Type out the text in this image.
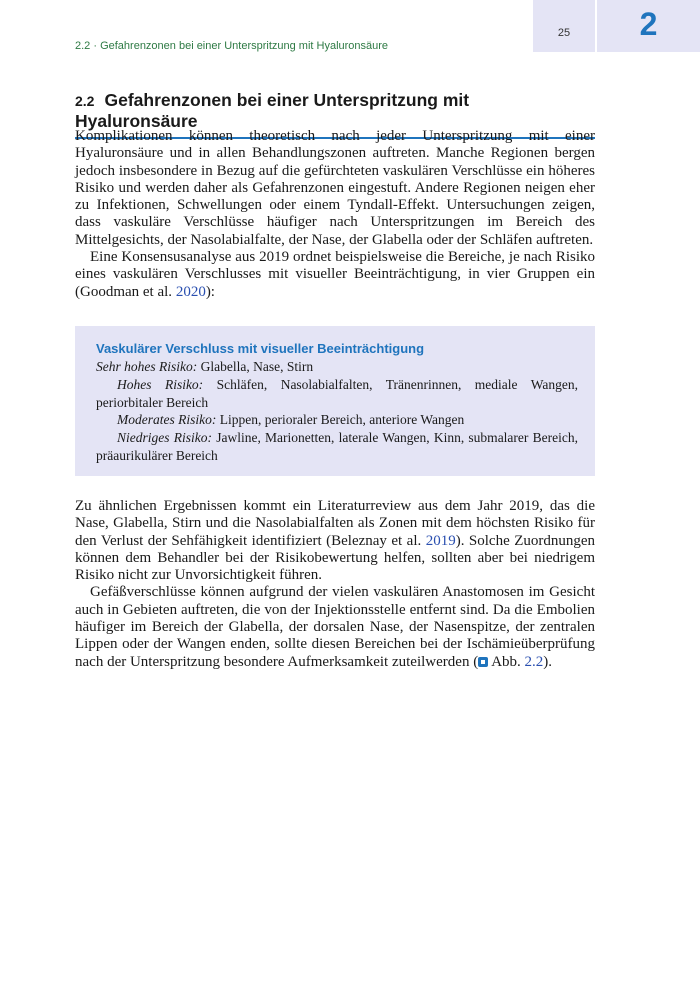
2.2 · Gefahrenzonen bei einer Unterspritzung mit Hyaluronsäure
25	2
2.2 Gefahrenzonen bei einer Unterspritzung mit Hyaluronsäure

Komplikationen können theoretisch nach jeder Unterspritzung mit einer Hyaluronsäure und in allen Behandlungszonen auftreten. Manche Regionen bergen jedoch insbesondere in Bezug auf die gefürchteten vaskulären Verschlüsse ein höheres Risiko und werden daher als Gefahrenzonen eingestuft. Andere Regionen neigen eher zu Infektionen, Schwellungen oder einem Tyndall-Effekt. Untersuchungen zeigen, dass vaskuläre Verschlüsse häufiger nach Unterspritzungen im Bereich des Mittelgesichts, der Nasolabialfalte, der Nase, der Glabella oder der Schläfen auftreten.

Eine Konsensusanalyse aus 2019 ordnet beispielsweise die Bereiche, je nach Risiko eines vaskulären Verschlusses mit visueller Beeinträchtigung, in vier Gruppen ein (Goodman et al. 2020):

Vaskulärer Verschluss mit visueller Beeinträchtigung

Sehr hohes Risiko: Glabella, Nase, Stirn

Hohes Risiko: Schläfen, Nasolabialfalten, Tränenrinnen, mediale Wangen, periorbitaler Bereich

Moderates Risiko: Lippen, perioraler Bereich, anteriore Wangen

Niedriges Risiko: Jawline, Marionetten, laterale Wangen, Kinn, submalarer Bereich, präaurikulärer Bereich

Zu ähnlichen Ergebnissen kommt ein Literaturreview aus dem Jahr 2019, das die Nase, Glabella, Stirn und die Nasolabialfalten als Zonen mit dem höchsten Risiko für den Verlust der Sehfähigkeit identifiziert (Beleznay et al. 2019). Solche Zuordnungen können dem Behandler bei der Risikobewertung helfen, sollten aber bei niedrigem Risiko nicht zur Unvorsichtigkeit führen.

Gefäßverschlüsse können aufgrund der vielen vaskulären Anastomosen im Gesicht auch in Gebieten auftreten, die von der Injektionsstelle entfernt sind. Da die Embolien häufiger im Bereich der Glabella, der dorsalen Nase, der Nasenspitze, der zentralen Lippen oder der Wangen enden, sollte diesen Bereichen bei der Ischämieüberprüfung nach der Unterspritzung besondere Aufmerksamkeit zuteilwerden ( Abb. 2.2).
